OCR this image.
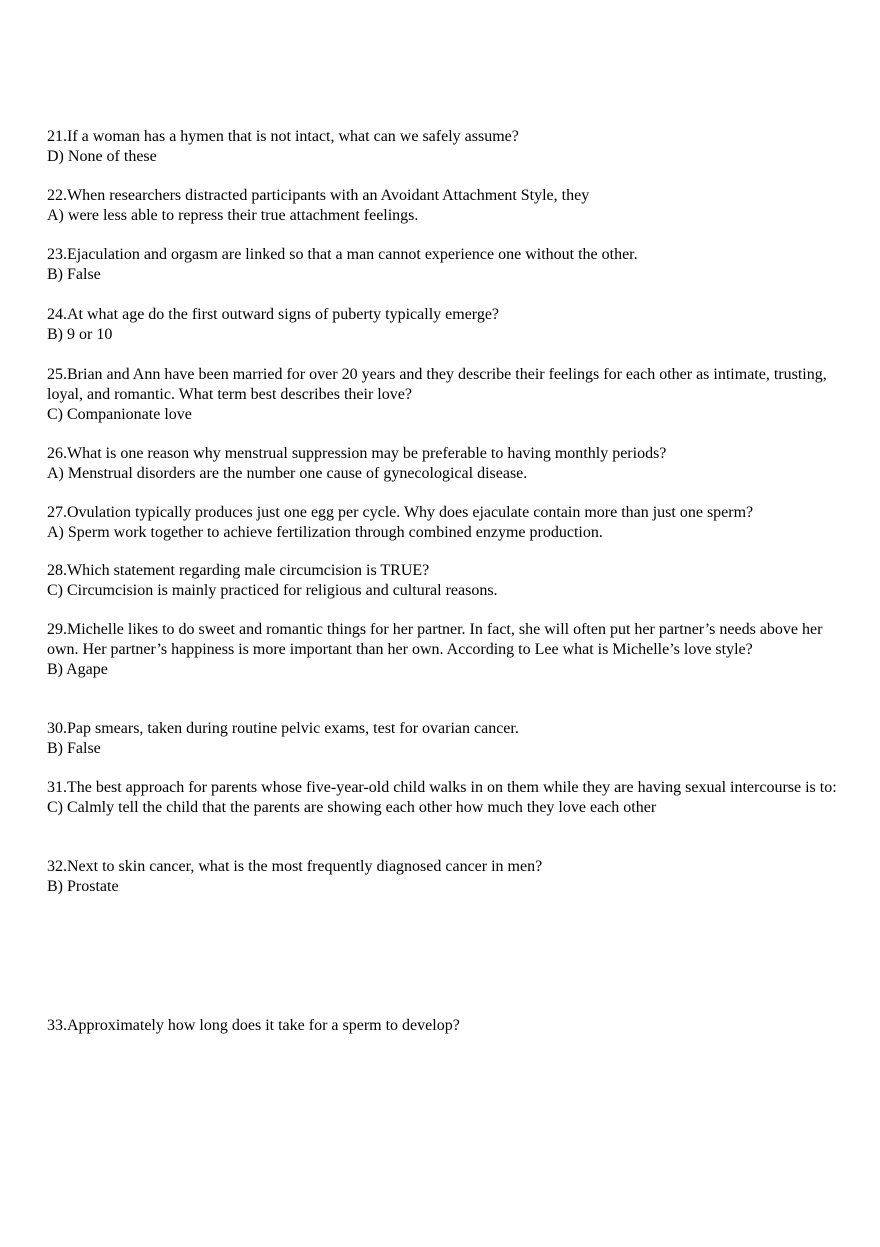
21.If a woman has a hymen that is not intact, what can we safely assume?

D) None of these

22.When researchers distracted participants with an Avoidant Attachment Style, they

A) were less able to repress their true attachment feelings.

23.Ejaculation and orgasm are linked so that a man cannot experience one without the other.

B) False

24.At what age do the first outward signs of puberty typically emerge?

B) 9 or 10

25.Brian and Ann have been married for over 20 years and they describe their feelings for each other as intimate, trusting, loyal, and romantic. What term best describes their love?

C) Companionate love

26.What is one reason why menstrual suppression may be preferable to having monthly periods?

A) Menstrual disorders are the number one cause of gynecological disease.

27.Ovulation typically produces just one egg per cycle. Why does ejaculate contain more than just one sperm?

A) Sperm work together to achieve fertilization through combined enzyme production.

28.Which statement regarding male circumcision is TRUE?

C) Circumcision is mainly practiced for religious and cultural reasons.

29.Michelle likes to do sweet and romantic things for her partner. In fact, she will often put her partner’s needs above her own. Her partner’s happiness is more important than her own. According to Lee what is Michelle’s love style?

B) Agape

30.Pap smears, taken during routine pelvic exams, test for ovarian cancer.

B) False

31.The best approach for parents whose five-year-old child walks in on them while they are having sexual intercourse is to:

C) Calmly tell the child that the parents are showing each other how much they love each other

32.Next to skin cancer, what is the most frequently diagnosed cancer in men?

B) Prostate

33.Approximately how long does it take for a sperm to develop?
